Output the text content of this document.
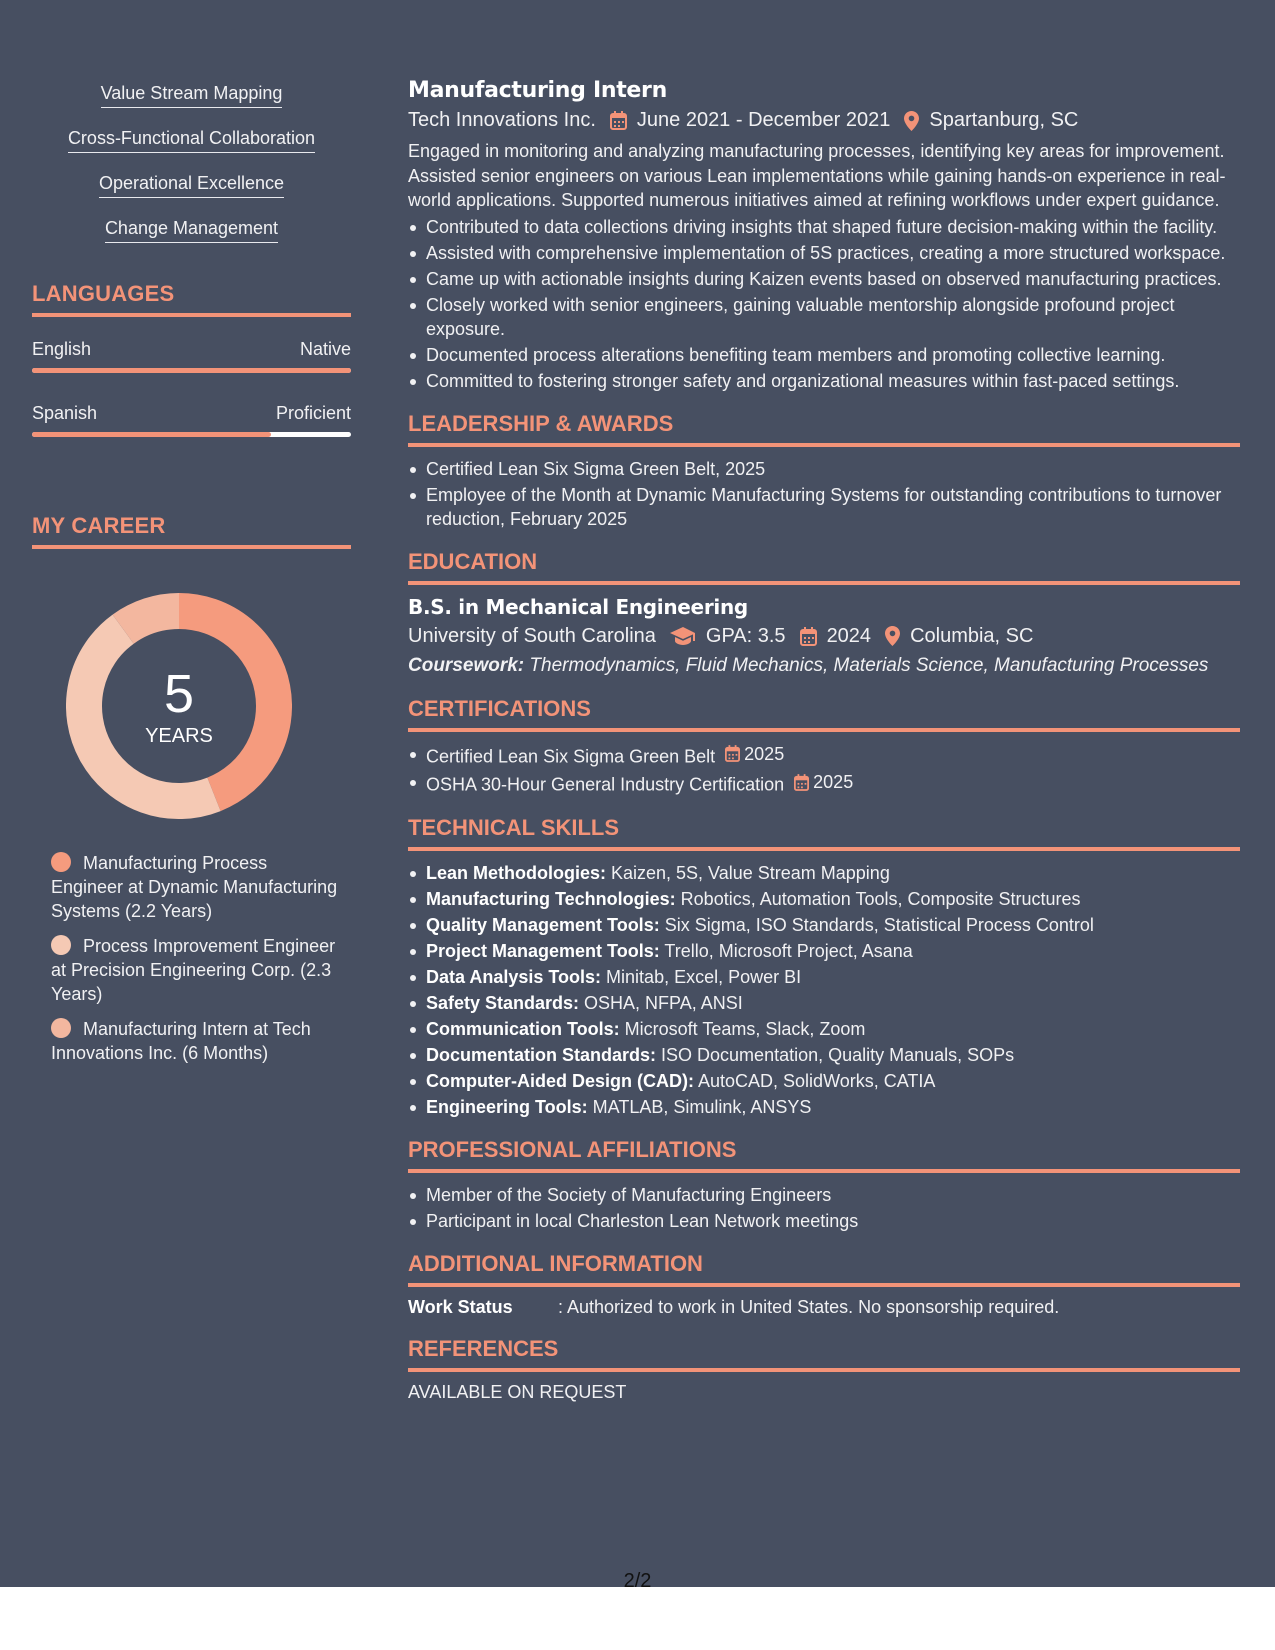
Value Stream Mapping
Cross-Functional Collaboration
Operational Excellence
Change Management
LANGUAGES
English	Native
Spanish	Proficient
MY CAREER
5
YEARS
Manufacturing Process Engineer at Dynamic Manufacturing Systems (2.2 Years)
Process Improvement Engineer at Precision Engineering Corp. (2.3 Years)
Manufacturing Intern at Tech Innovations Inc. (6 Months)
Manufacturing Intern
Tech Innovations Inc. June 2021 - December 2021 Spartanburg, SC
Engaged in monitoring and analyzing manufacturing processes, identifying key areas for improvement. Assisted senior engineers on various Lean implementations while gaining hands-on experience in real-world applications. Supported numerous initiatives aimed at refining workflows under expert guidance.
Contributed to data collections driving insights that shaped future decision-making within the facility.
Assisted with comprehensive implementation of 5S practices, creating a more structured workspace.
Came up with actionable insights during Kaizen events based on observed manufacturing practices.
Closely worked with senior engineers, gaining valuable mentorship alongside profound project exposure.
Documented process alterations benefiting team members and promoting collective learning.
Committed to fostering stronger safety and organizational measures within fast-paced settings.
LEADERSHIP & AWARDS
Certified Lean Six Sigma Green Belt, 2025
Employee of the Month at Dynamic Manufacturing Systems for outstanding contributions to turnover reduction, February 2025
EDUCATION
B.S. in Mechanical Engineering
University of South Carolina	GPA: 3.5 2024 Columbia, SC
Coursework: Thermodynamics, Fluid Mechanics, Materials Science, Manufacturing Processes
CERTIFICATIONS
Certified Lean Six Sigma Green Belt 2025
OSHA 30-Hour General Industry Certification 2025
TECHNICAL SKILLS
Lean Methodologies: Kaizen, 5S, Value Stream Mapping
Manufacturing Technologies: Robotics, Automation Tools, Composite Structures
Quality Management Tools: Six Sigma, ISO Standards, Statistical Process Control
Project Management Tools: Trello, Microsoft Project, Asana
Data Analysis Tools: Minitab, Excel, Power BI
Safety Standards: OSHA, NFPA, ANSI
Communication Tools: Microsoft Teams, Slack, Zoom
Documentation Standards: ISO Documentation, Quality Manuals, SOPs
Computer-Aided Design (CAD): AutoCAD, SolidWorks, CATIA
Engineering Tools: MATLAB, Simulink, ANSYS
PROFESSIONAL AFFILIATIONS
Member of the Society of Manufacturing Engineers
Participant in local Charleston Lean Network meetings
ADDITIONAL INFORMATION
Work Status	: Authorized to work in United States. No sponsorship required.
REFERENCES
AVAILABLE ON REQUEST
2/2
